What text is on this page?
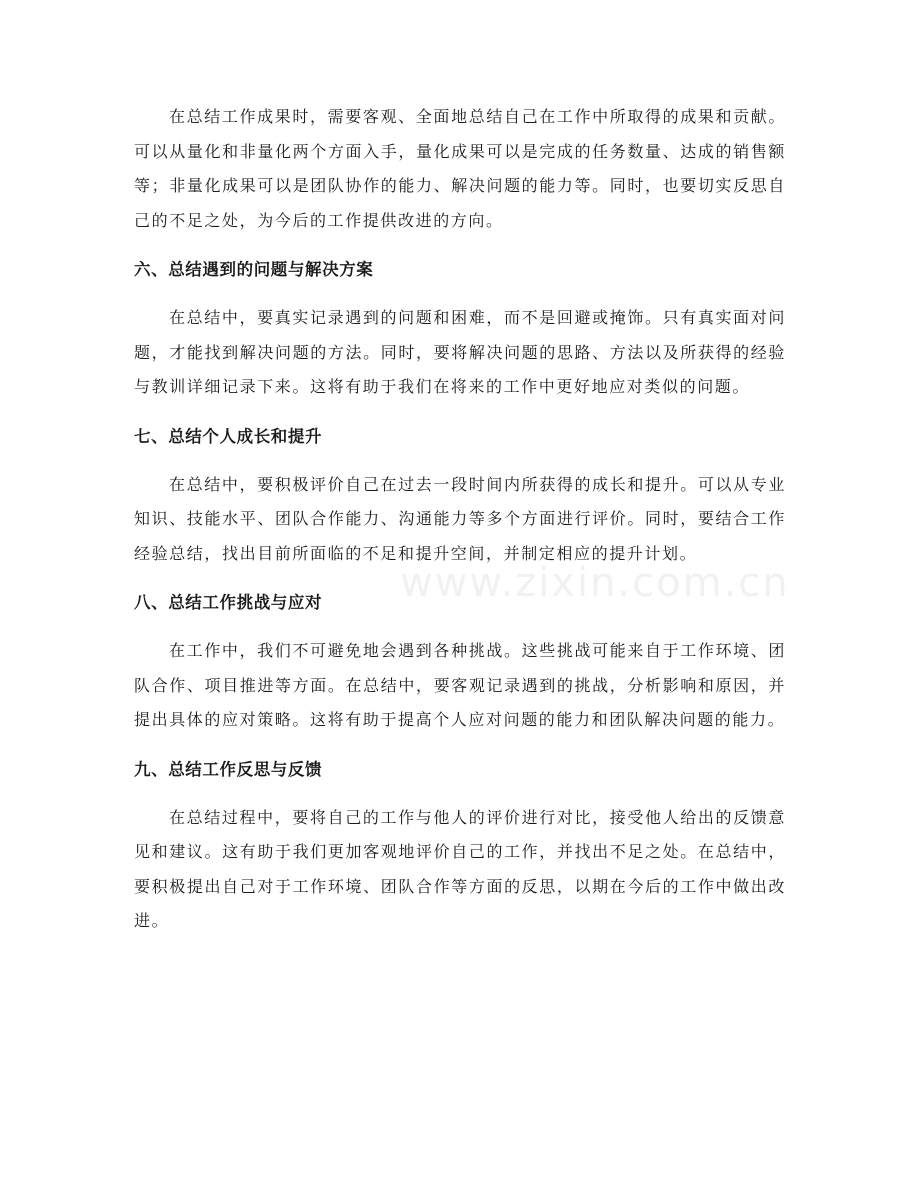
在总结工作成果时，需要客观、全面地总结自己在工作中所取得的成果和贡献。可以从量化和非量化两个方面入手，量化成果可以是完成的任务数量、达成的销售额等；非量化成果可以是团队协作的能力、解决问题的能力等。同时，也要切实反思自己的不足之处，为今后的工作提供改进的方向。

六、总结遇到的问题与解决方案

在总结中，要真实记录遇到的问题和困难，而不是回避或掩饰。只有真实面对问题，才能找到解决问题的方法。同时，要将解决问题的思路、方法以及所获得的经验与教训详细记录下来。这将有助于我们在将来的工作中更好地应对类似的问题。

七、总结个人成长和提升

在总结中，要积极评价自己在过去一段时间内所获得的成长和提升。可以从专业知识、技能水平、团队合作能力、沟通能力等多个方面进行评价。同时，要结合工作经验总结，找出目前所面临的不足和提升空间，并制定相应的提升计划。

八、总结工作挑战与应对

在工作中，我们不可避免地会遇到各种挑战。这些挑战可能来自于工作环境、团队合作、项目推进等方面。在总结中，要客观记录遇到的挑战，分析影响和原因，并提出具体的应对策略。这将有助于提高个人应对问题的能力和团队解决问题的能力。

九、总结工作反思与反馈

在总结过程中，要将自己的工作与他人的评价进行对比，接受他人给出的反馈意见和建议。这有助于我们更加客观地评价自己的工作，并找出不足之处。在总结中，要积极提出自己对于工作环境、团队合作等方面的反思，以期在今后的工作中做出改进。

www.zixin.com.cn
